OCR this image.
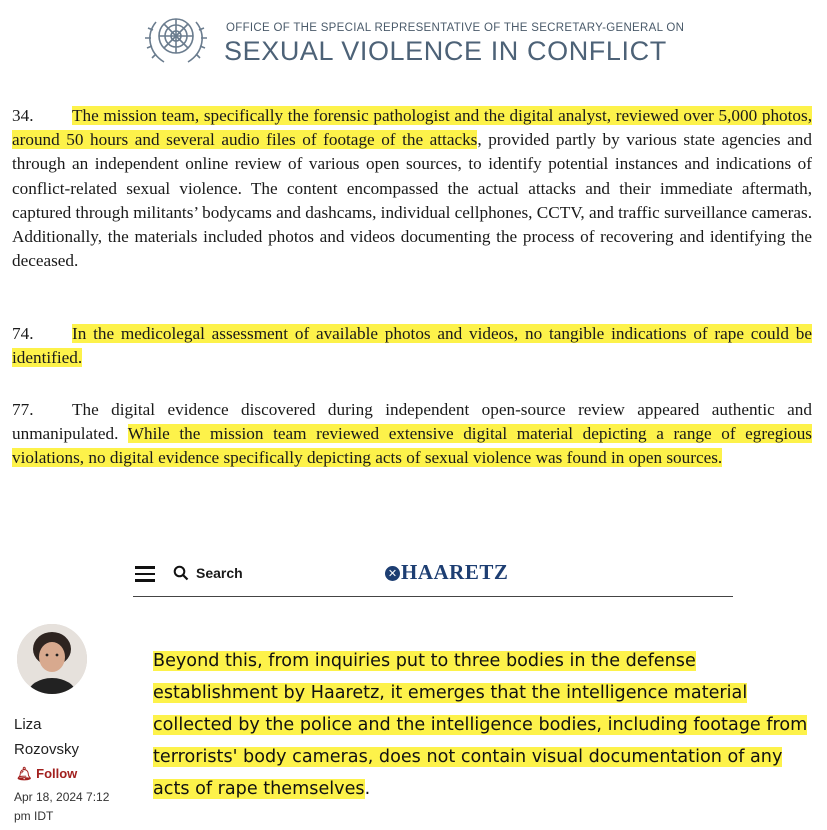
OFFICE OF THE SPECIAL REPRESENTATIVE OF THE SECRETARY-GENERAL ON
SEXUAL VIOLENCE IN CONFLICT

34. The mission team, specifically the forensic pathologist and the digital analyst, reviewed over 5,000 photos, around 50 hours and several audio files of footage of the attacks, provided partly by various state agencies and through an independent online review of various open sources, to identify potential instances and indications of conflict-related sexual violence. The content encompassed the actual attacks and their immediate aftermath, captured through militants’ bodycams and dashcams, individual cellphones, CCTV, and traffic surveillance cameras. Additionally, the materials included photos and videos documenting the process of recovering and identifying the deceased.

74. In the medicolegal assessment of available photos and videos, no tangible indications of rape could be identified.

77. The digital evidence discovered during independent open-source review appeared authentic and unmanipulated. While the mission team reviewed extensive digital material depicting a range of egregious violations, no digital evidence specifically depicting acts of sexual violence was found in open sources.

Search	✕ HAARETZ
Liza
Rozovsky
🔔︎ Follow
Apr 18, 2024 7:12
pm IDT

Beyond this, from inquiries put to three bodies in the defense establishment by Haaretz, it emerges that the intelligence material collected by the police and the intelligence bodies, including footage from terrorists' body cameras, does not contain visual documentation of any acts of rape themselves.
